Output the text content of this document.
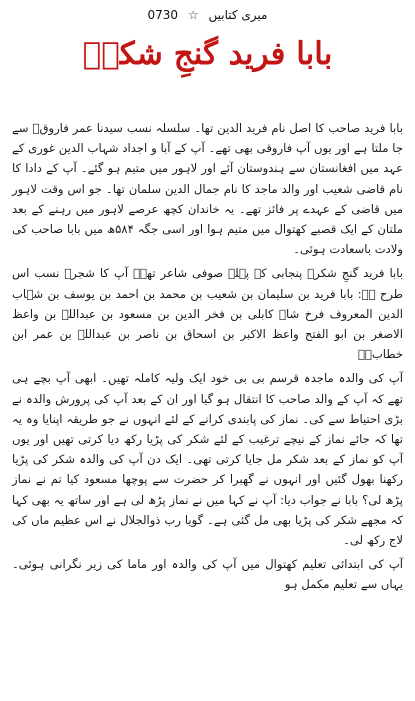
میری کتابیں ☆ 0730
بابا فرید گنجِ شکرؒ

بابا فرید صاحب کا اصل نام فرید الدین تھا۔ سلسلہ نسب سیدنا عمر فاروقؓ سے جا ملتا ہے اور یوں آپ فاروقی بھی تھے۔ آپ کے آبا و اجداد شہاب الدین غوری کے عہد میں افغانستان سے ہندوستان آئے اور لاہور میں متیم ہو گئے۔ آپ کے دادا کا نام قاضی شعیب اور والد ماجد کا نام جمال الدین سلمان تھا۔ جو اس وقت لاہور میں قاضی کے عہدے پر فائز تھے۔ یہ خاندان کچھ عرصے لاہور میں رہنے کے بعد ملتان کے ایک قصبے کھتوال میں متیم ہوا اور اسی جگہ ۵۸۴ھ میں بابا صاحب کی ولادت باسعادت ہوئی۔

بابا فرید گنجِ شکرؒ پنجابی کے پہلے صوفی شاعر تھے۔ آپ کا شجرۂ نسب اس طرح ہے: بابا فرید بن سلیمان بن شعیب بن محمد بن احمد بن یوسف بن شہاب الدین المعروف فرخ شاہ کابلی بن فخر الدین بن مسعود بن عبداللہ بن واعظ الاصغر بن ابو الفتح واعظ الاکبر بن اسحاق بن ناصر بن عبداللہ بن عمر ابن خطابؓ۔

آپ کی والدہ ماجدہ قرسم بی بی خود ایک ولیہ کاملہ تھیں۔ ابھی آپ بچے ہی تھے کہ آپ کے والد صاحب کا انتقال ہو گیا اور ان کے بعد آپ کی پرورش والدہ نے بڑی احتیاط سے کی۔ نماز کی پابندی کرانے کے لئے انہوں نے جو طریقہ اپنایا وہ یہ تھا کہ جائے نماز کے نیچے ترغیب کے لئے شکر کی پڑیا رکھ دیا کرتی تھیں اور یوں آپ کو نماز کے بعد شکر مل جایا کرتی تھی۔ ایک دن آپ کی والدہ شکر کی پڑیا رکھنا بھول گئیں اور انہوں نے گھبرا کر حضرت سے پوچھا مسعود کیا تم نے نماز پڑھ لی؟ بابا نے جواب دیا: آپ نے کہا میں نے نماز پڑھ لی ہے اور ساتھ یہ بھی کہا کہ مجھے شکر کی پڑیا بھی مل گئی ہے۔ گویا رب ذوالجلال نے اس عظیم ماں کی لاج رکھ لی۔

آپ کی ابتدائی تعلیم کھتوال میں آپ کی والدہ اور ماما کی زیر نگرانی ہوئی۔ یہاں سے تعلیم مکمل ہو
